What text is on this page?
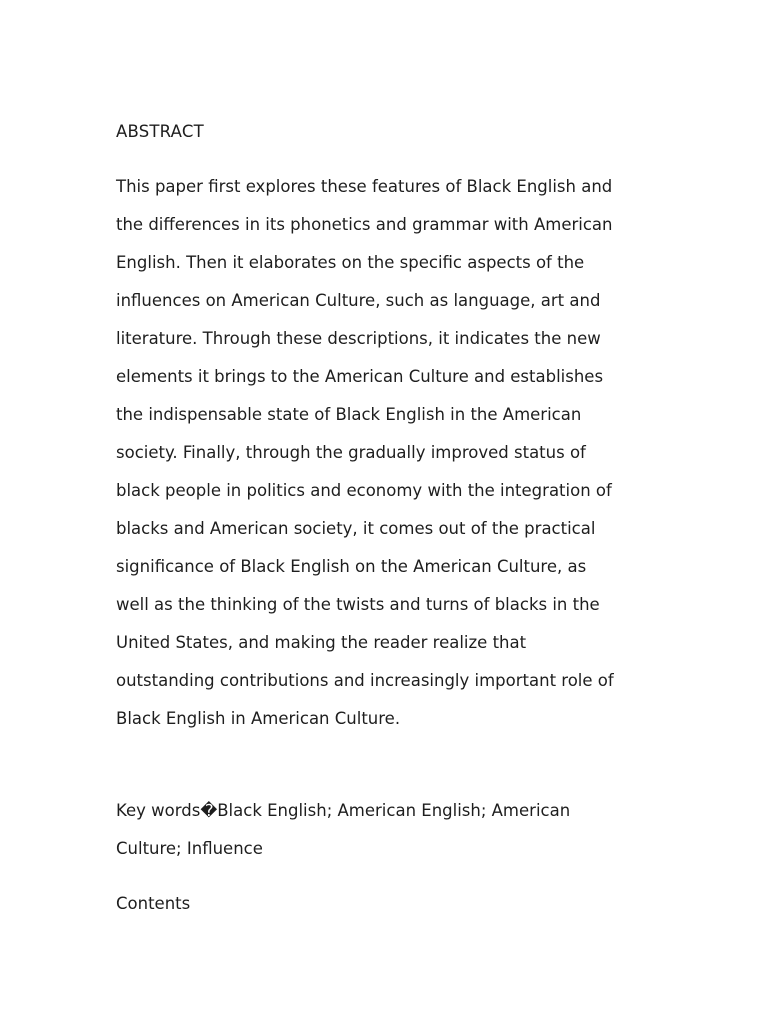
ABSTRACT
This paper first explores these features of Black English and
the differences in its phonetics and grammar with American
English. Then it elaborates on the specific aspects of the
influences on American Culture, such as language, art and
literature. Through these descriptions, it indicates the new
elements it brings to the American Culture and establishes
the indispensable state of Black English in the American
society. Finally, through the gradually improved status of
black people in politics and economy with the integration of
blacks and American society, it comes out of the practical
significance of Black English on the American Culture, as
well as the thinking of the twists and turns of blacks in the
United States, and making the reader realize that
outstanding contributions and increasingly important role of
Black English in American Culture.
Key words�Black English; American English; American
Culture; Influence
Contents
